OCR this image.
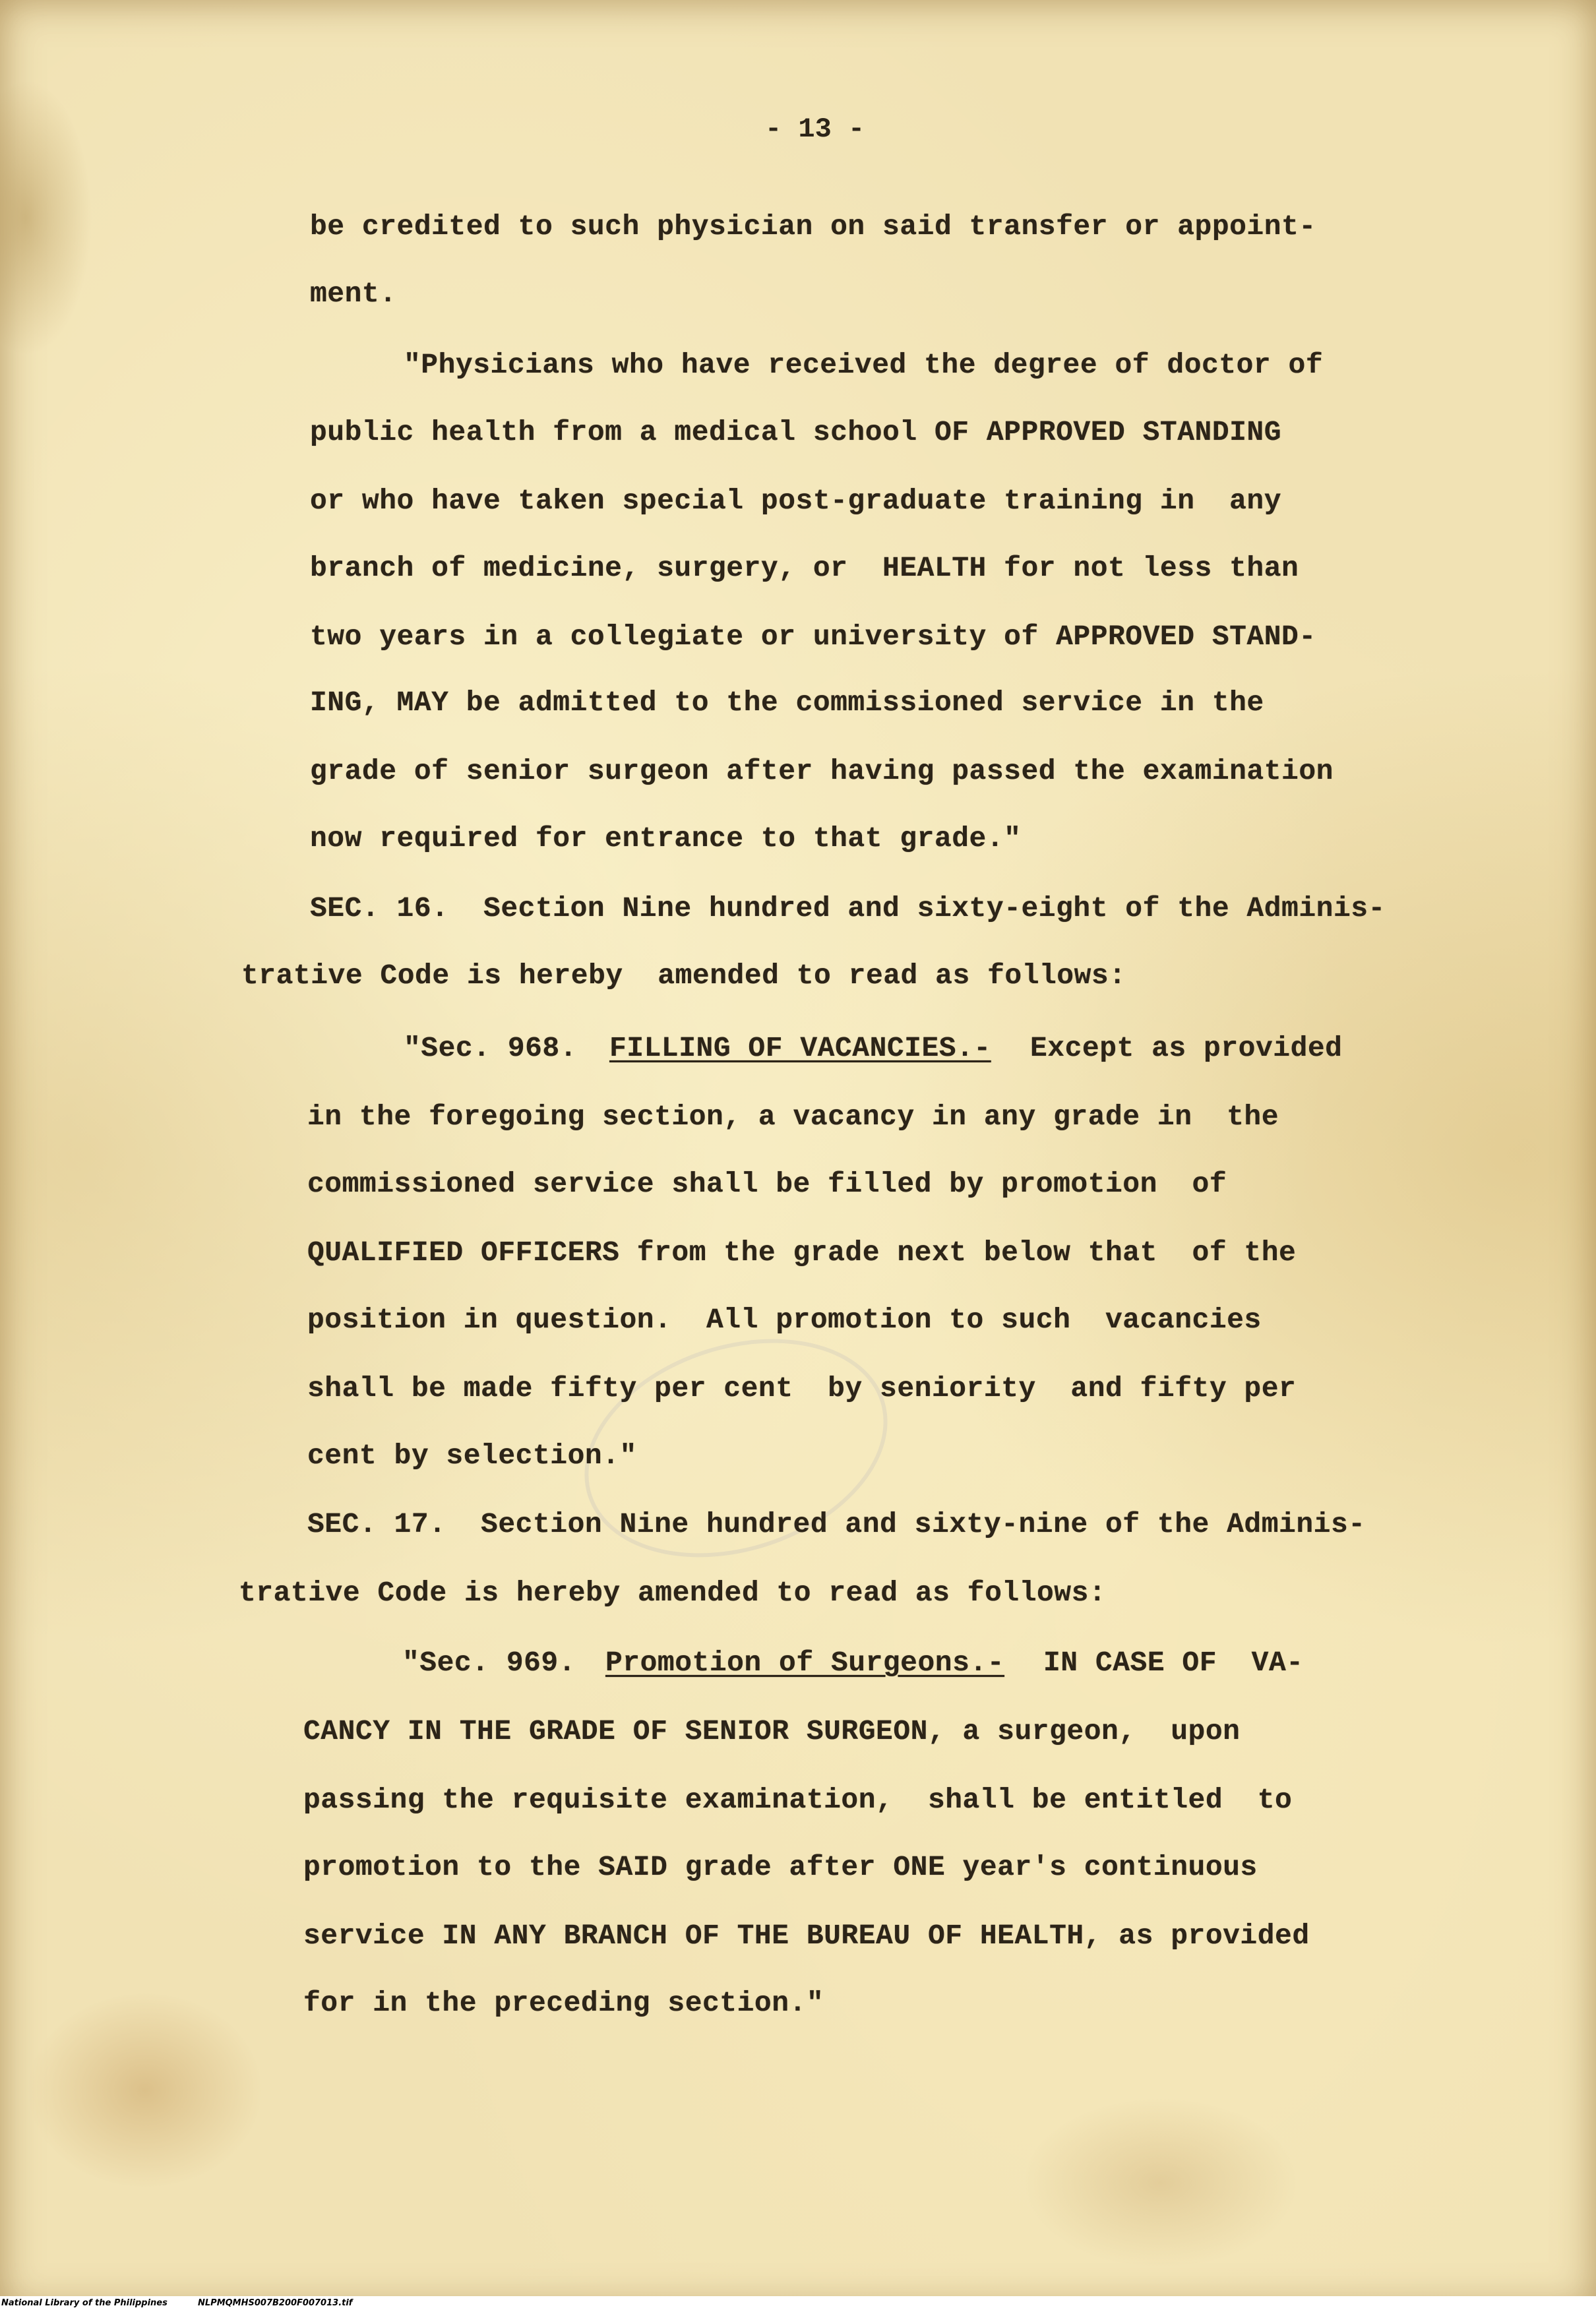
- 13 -

be credited to such physician on said transfer or appoint-

ment.

"Physicians who have received the degree of doctor of

public health from a medical school OF APPROVED STANDING

or who have taken special post-graduate training in  any

branch of medicine, surgery, or  HEALTH for not less than

two years in a collegiate or university of APPROVED STAND-

ING, MAY be admitted to the commissioned service in the

grade of senior surgeon after having passed the examination

now required for entrance to that grade."

SEC. 16.  Section Nine hundred and sixty-eight of the Adminis-

trative Code is hereby  amended to read as follows:

"Sec. 968. FILLING OF VACANCIES.- Except as provided

in the foregoing section, a vacancy in any grade in  the

commissioned service shall be filled by promotion  of

QUALIFIED OFFICERS from the grade next below that  of the

position in question.  All promotion to such  vacancies

shall be made fifty per cent  by seniority  and fifty per

cent by selection."

SEC. 17.  Section Nine hundred and sixty-nine of the Adminis-

trative Code is hereby amended to read as follows:

"Sec. 969. Promotion of Surgeons.- IN CASE OF  VA-

CANCY IN THE GRADE OF SENIOR SURGEON, a surgeon,  upon

passing the requisite examination,  shall be entitled  to

promotion to the SAID grade after ONE year's continuous

service IN ANY BRANCH OF THE BUREAU OF HEALTH, as provided

for in the preceding section."

National Library of the Philippines	NLPMQMHS007B200F007013.tif
